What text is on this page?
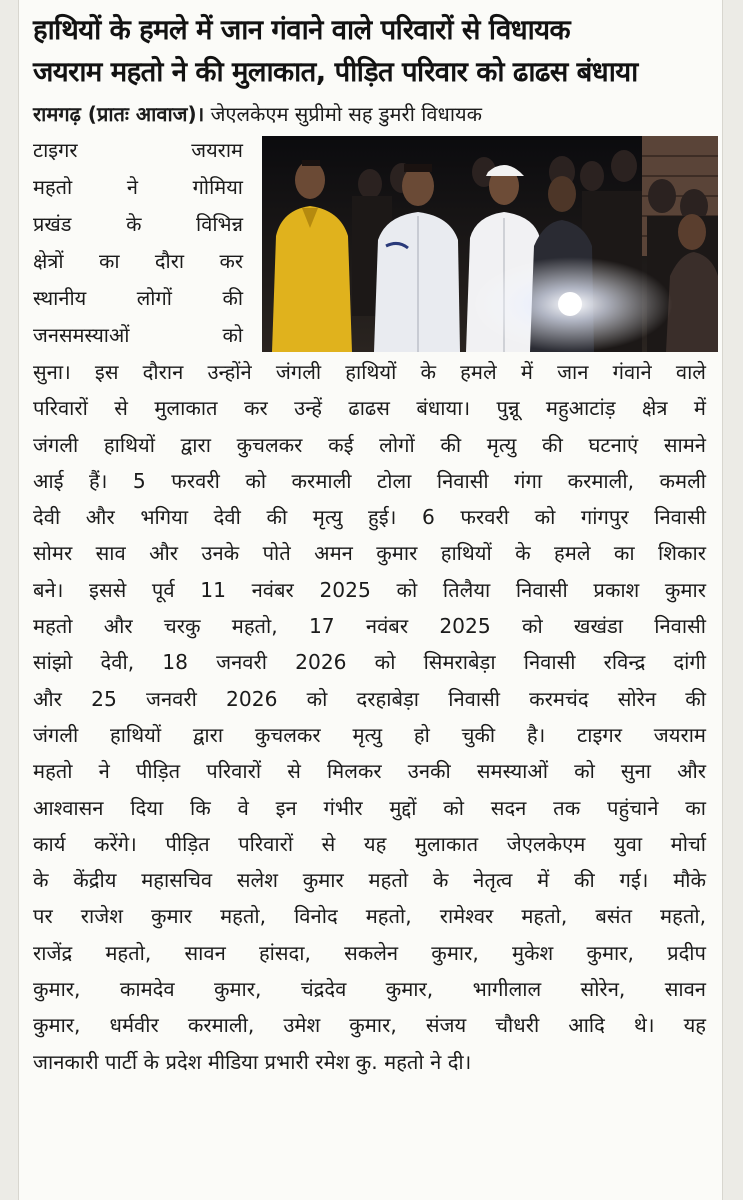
हाथियों के हमले में जान गंवाने वाले परिवारों से विधायक
जयराम महतो ने की मुलाकात, पीड़ित परिवार को ढाढस बंधाया
रामगढ़ (प्रातः आवाज)। जेएलकेएम सुप्रीमो सह डुमरी विधायक
टाइगर जयराम
महतो ने गोमिया
प्रखंड के विभिन्न
क्षेत्रों का दौरा कर
स्थानीय लोगों की
जनसमस्याओं को
सुना। इस दौरान उन्होंने जंगली हाथियों के हमले में जान गंवाने वाले
परिवारों से मुलाकात कर उन्हें ढाढस बंधाया। पुन्नू महुआटांड़ क्षेत्र में
जंगली हाथियों द्वारा कुचलकर कई लोगों की मृत्यु की घटनाएं सामने
आई हैं। 5 फरवरी को करमाली टोला निवासी गंगा करमाली, कमली
देवी और भगिया देवी की मृत्यु हुई। 6 फरवरी को गांगपुर निवासी
सोमर साव और उनके पोते अमन कुमार हाथियों के हमले का शिकार
बने। इससे पूर्व 11 नवंबर 2025 को तिलैया निवासी प्रकाश कुमार
महतो और चरकु महतो, 17 नवंबर 2025 को खखंडा निवासी
सांझो देवी, 18 जनवरी 2026 को सिमराबेड़ा निवासी रविन्द्र दांगी
और 25 जनवरी 2026 को दरहाबेड़ा निवासी करमचंद सोरेन की
जंगली हाथियों द्वारा कुचलकर मृत्यु हो चुकी है। टाइगर जयराम
महतो ने पीड़ित परिवारों से मिलकर उनकी समस्याओं को सुना और
आश्वासन दिया कि वे इन गंभीर मुद्दों को सदन तक पहुंचाने का
कार्य करेंगे। पीड़ित परिवारों से यह मुलाकात जेएलकेएम युवा मोर्चा
के केंद्रीय महासचिव सलेश कुमार महतो के नेतृत्व में की गई। मौके
पर राजेश कुमार महतो, विनोद महतो, रामेश्वर महतो, बसंत महतो,
राजेंद्र महतो, सावन हांसदा, सकलेन कुमार, मुकेश कुमार, प्रदीप
कुमार, कामदेव कुमार, चंद्रदेव कुमार, भागीलाल सोरेन, सावन
कुमार, धर्मवीर करमाली, उमेश कुमार, संजय चौधरी आदि थे। यह
जानकारी पार्टी के प्रदेश मीडिया प्रभारी रमेश कु. महतो ने दी।
